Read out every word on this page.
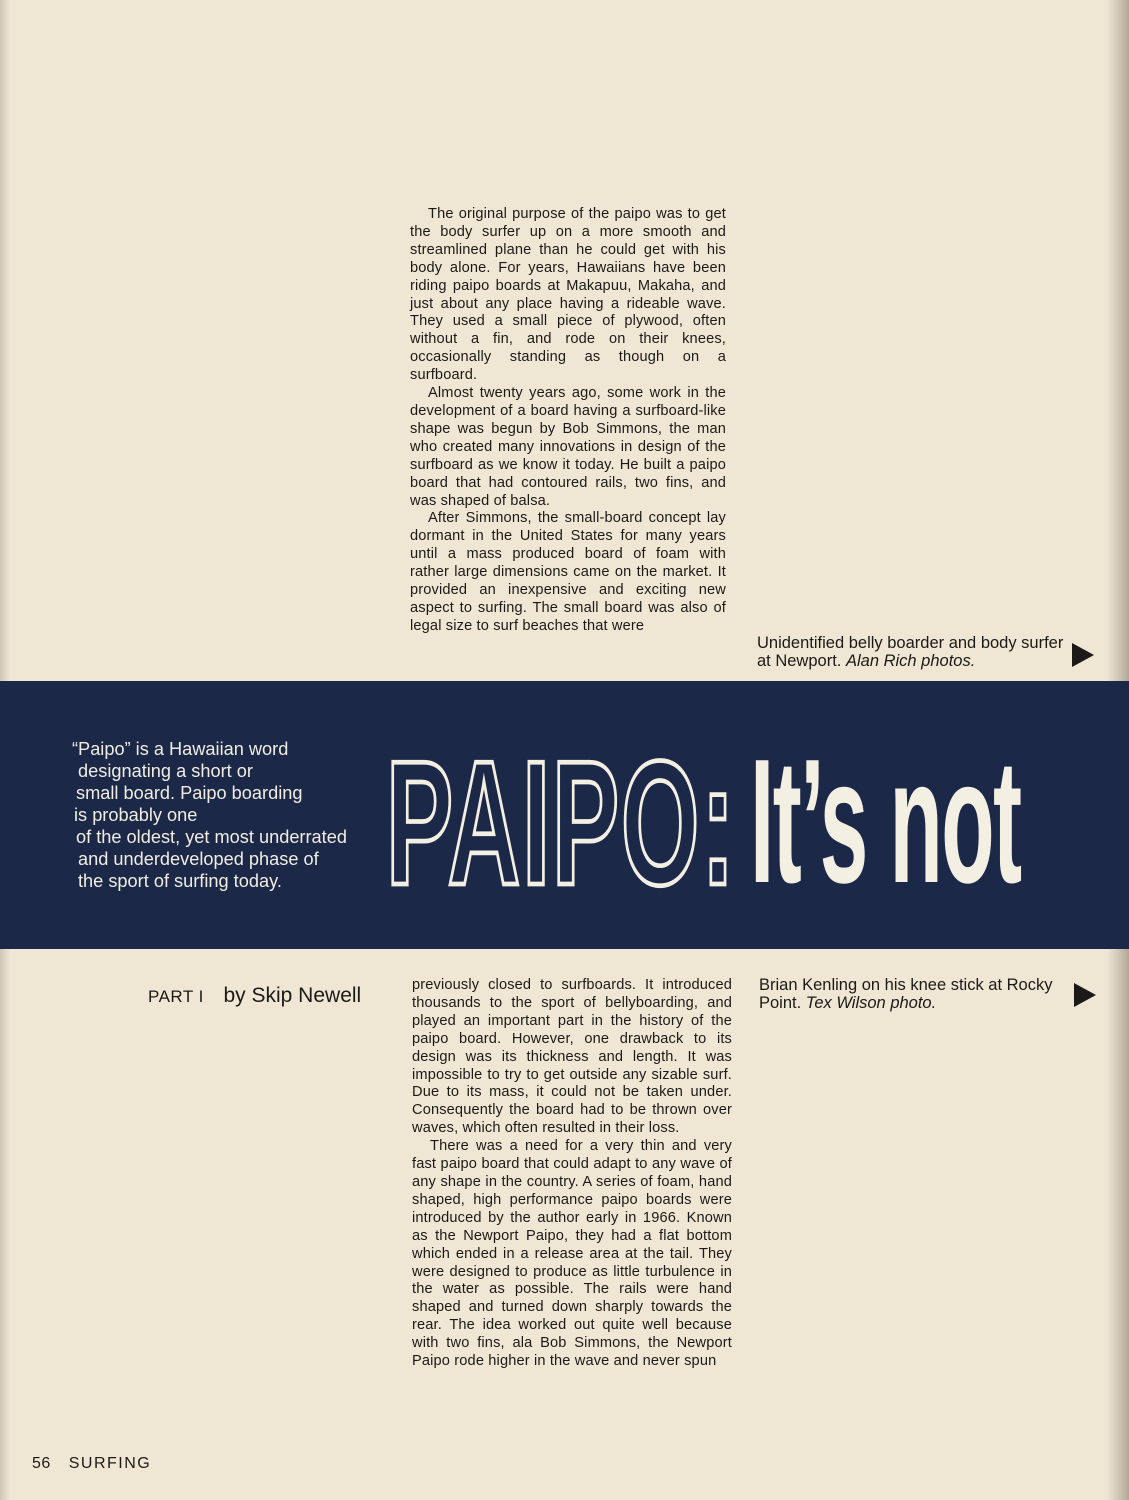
The original purpose of the paipo was to get the body surfer up on a more smooth and streamlined plane than he could get with his body alone. For years, Hawaiians have been riding paipo boards at Makapuu, Makaha, and just about any place having a rideable wave. They used a small piece of plywood, often without a fin, and rode on their knees, occasionally standing as though on a surfboard.

Almost twenty years ago, some work in the development of a board having a surfboard-like shape was begun by Bob Simmons, the man who created many innovations in design of the surfboard as we know it today. He built a paipo board that had contoured rails, two fins, and was shaped of balsa.

After Simmons, the small-board concept lay dormant in the United States for many years until a mass produced board of foam with rather large dimensions came on the market. It provided an inexpensive and exciting new aspect to surfing. The small board was also of legal size to surf beaches that were

Unidentified belly boarder and body surfer at Newport. Alan Rich photos.
“Paipo” is a Hawaiian word
designating a short or
small board. Paipo boarding
is probably one
of the oldest, yet most underrated
and underdeveloped phase of
the sport of surfing today. PAIPO: It’s not
PART I by Skip Newell	previously closed to surfboards. It introduced thousands to the sport of bellyboarding, and played an important part in the history of the paipo board. However, one drawback to its design was its thickness and length. It was impossible to try to get outside any sizable surf. Due to its mass, it could not be taken under. Consequently the board had to be thrown over waves, which often resulted in their loss.

There was a need for a very thin and very fast paipo board that could adapt to any wave of any shape in the country. A series of foam, hand shaped, high performance paipo boards were introduced by the author early in 1966. Known as the Newport Paipo, they had a flat bottom which ended in a release area at the tail. They were designed to produce as little turbulence in the water as possible. The rails were hand shaped and turned down sharply towards the rear. The idea worked out quite well because with two fins, ala Bob Simmons, the Newport Paipo rode higher in the wave and never spun

Brian Kenling on his knee stick at Rocky Point. Tex Wilson photo.
56 SURFING
